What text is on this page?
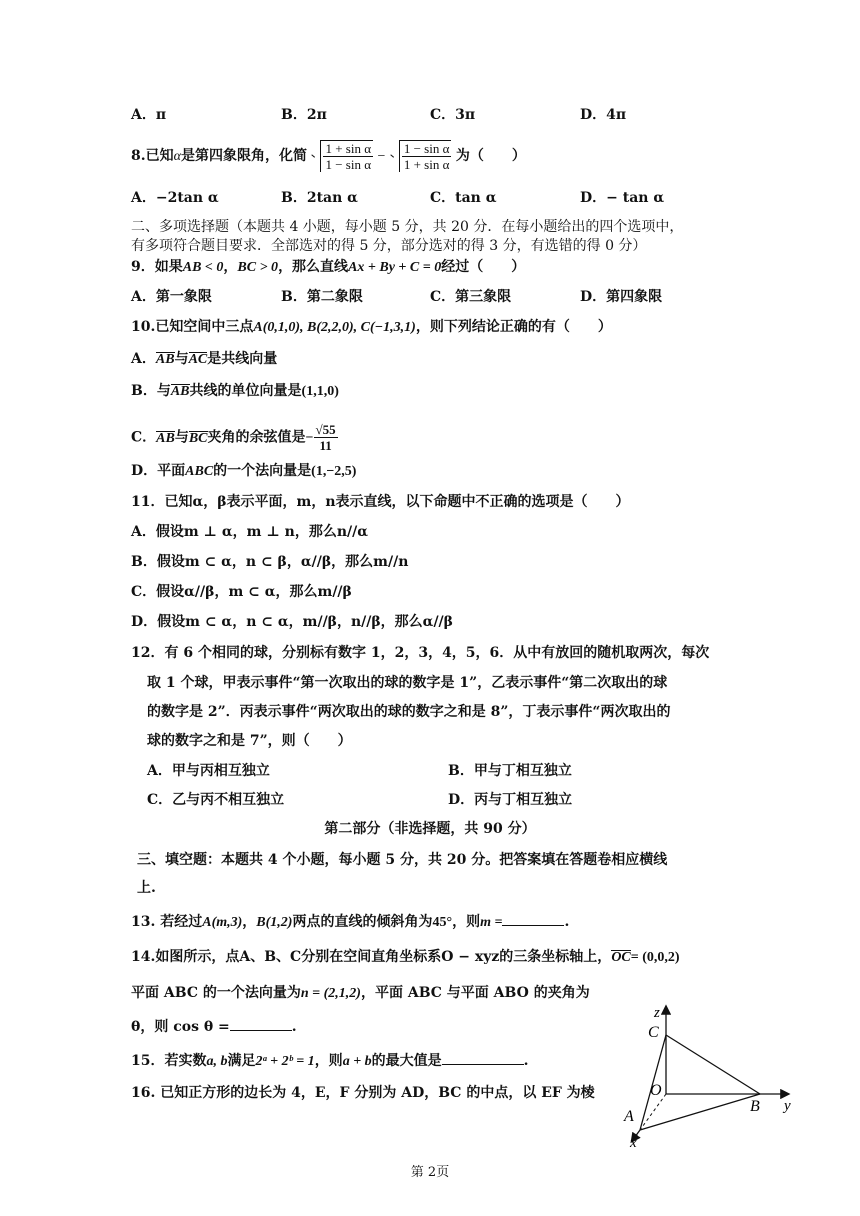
A．π	B．2π	C．3π	D．4π
8.已知α是第四象限角，化简 $\frac{\text{1 + sin α}}{\text{1 − sin α}} - \frac{\text{1 − sin α}}{\text{1 + sin α}}$ 为（　　）
A．−2tan α	B．2tan α	C．tan α	D．− tan α
二、多项选择题（本题共 4 小题，每小题 5 分，共 20 分．在每小题给出的四个选项中，
有多项符合题目要求．全部选对的得 5 分，部分选对的得 3 分，有选错的得 0 分）
9．如果AB < 0，BC > 0，那么直线Ax + By + C = 0经过（　　）
A．第一象限	B．第二象限	C．第三象限	D．第四象限
10.已知空间中三点A(0,1,0), B(2,2,0), C(−1,3,1)，则下列结论正确的有（　　）
A．AB与AC是共线向量
B．与AB共线的单位向量是(1,1,0)
C．AB与BC夹角的余弦值是− $\frac{√55}{11}$
D．平面ABC的一个法向量是(1,−2,5)
11．已知α，β表示平面，m，n表示直线，以下命题中不正确的选项是（　　）
A．假设m ⊥ α，m ⊥ n，那么n//α
B．假设m ⊂ α，n ⊂ β，α//β，那么m//n
C．假设α//β，m ⊂ α，那么m//β
D．假设m ⊂ α，n ⊂ α，m//β，n//β，那么α//β
12．有 6 个相同的球，分别标有数字 1，2，3，4，5，6．从中有放回的随机取两次，每次
取 1 个球，甲表示事件“第一次取出的球的数字是 1”，乙表示事件“第二次取出的球
的数字是 2”．丙表示事件“两次取出的球的数字之和是 8”，丁表示事件“两次取出的
球的数字之和是 7”，则（　　）
A．甲与丙相互独立	B．甲与丁相互独立
C．乙与丙不相互独立	D．丙与丁相互独立
第二部分（非选择题，共 90 分）
三、填空题：本题共 4 个小题，每小题 5 分，共 20 分。把答案填在答题卷相应横线
上.
13. 若经过A(m,3)，B(1,2)两点的直线的倾斜角为45°，则m =	.
14.如图所示，点A、B、C分别在空间直角坐标系O − xyz的三条坐标轴上，OC= (0,0,2)
平面 ABC 的一个法向量为n = (2,1,2)，平面 ABC 与平面 ABO 的夹角为
θ，则 cos θ =	.
15．若实数a, b满足2ᵃ + 2ᵇ = 1，则a + b的最大值是	.
16. 已知正方形的边长为 4，E，F 分别为 AD，BC 的中点，以 EF 为棱
z
C
O
B y
A
x
第 2页
